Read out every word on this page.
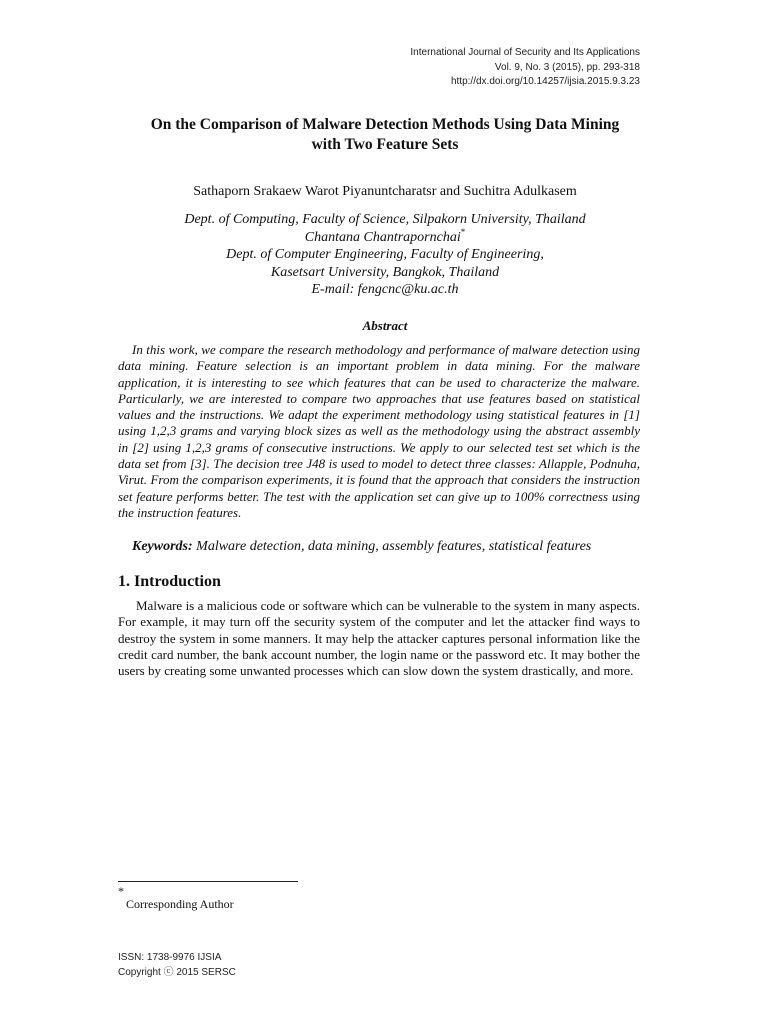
International Journal of Security and Its Applications
Vol. 9, No. 3 (2015), pp. 293-318
http://dx.doi.org/10.14257/ijsia.2015.9.3.23
On the Comparison of Malware Detection Methods Using Data Mining
with Two Feature Sets
Sathaporn Srakaew Warot Piyanuntcharatsr and Suchitra Adulkasem
Dept. of Computing, Faculty of Science, Silpakorn University, Thailand
Chantana Chantrapornchai*
Dept. of Computer Engineering, Faculty of Engineering,
Kasetsart University, Bangkok, Thailand
E-mail: fengcnc@ku.ac.th
Abstract
In this work, we compare the research methodology and performance of malware detection using data mining. Feature selection is an important problem in data mining. For the malware application, it is interesting to see which features that can be used to characterize the malware. Particularly, we are interested to compare two approaches that use features based on statistical values and the instructions. We adapt the experiment methodology using statistical features in [1] using 1,2,3 grams and varying block sizes as well as the methodology using the abstract assembly in [2] using 1,2,3 grams of consecutive instructions. We apply to our selected test set which is the data set from [3]. The decision tree J48 is used to model to detect three classes: Allapple, Podnuha, Virut. From the comparison experiments, it is found that the approach that considers the instruction set feature performs better. The test with the application set can give up to 100% correctness using the instruction features.
Keywords: Malware detection, data mining, assembly features, statistical features
1. Introduction
Malware is a malicious code or software which can be vulnerable to the system in many aspects. For example, it may turn off the security system of the computer and let the attacker find ways to destroy the system in some manners. It may help the attacker captures personal information like the credit card number, the bank account number, the login name or the password etc. It may bother the users by creating some unwanted processes which can slow down the system drastically, and more.
*
Corresponding Author
ISSN: 1738-9976 IJSIA
Copyright ⓒ 2015 SERSC
